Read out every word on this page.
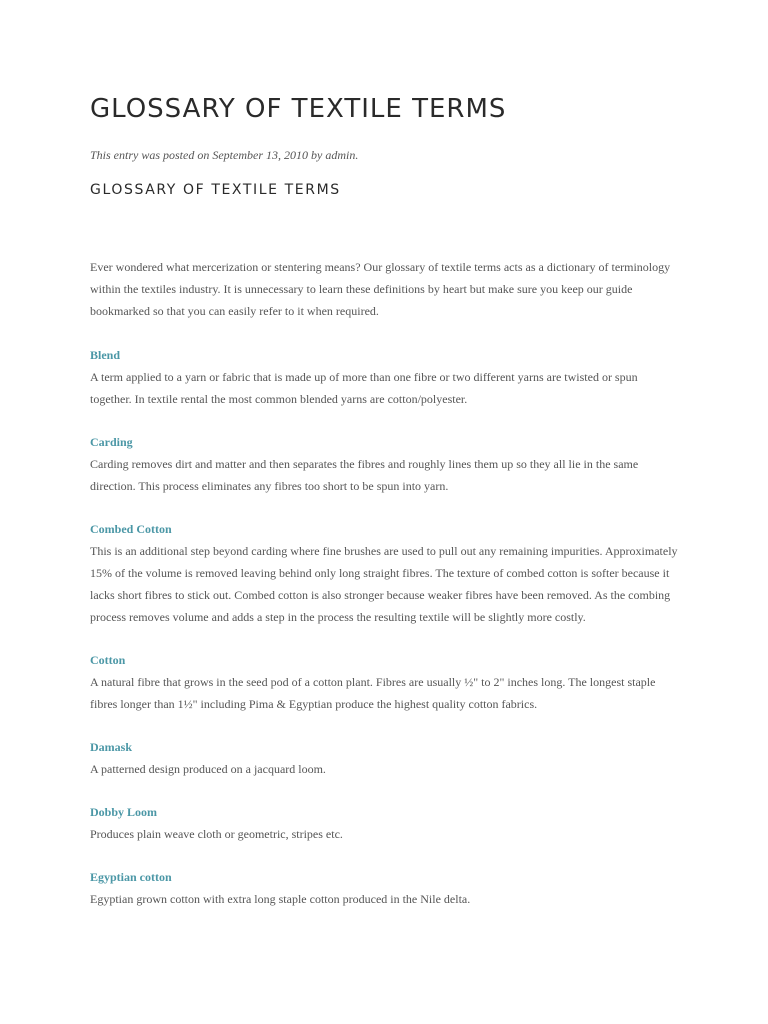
GLOSSARY OF TEXTILE TERMS

This entry was posted on September 13, 2010 by admin.

GLOSSARY OF TEXTILE TERMS

Ever wondered what mercerization or stentering means? Our glossary of textile terms acts as a dictionary of terminology within the textiles industry. It is unnecessary to learn these definitions by heart but make sure you keep our guide bookmarked so that you can easily refer to it when required.

Blend
A term applied to a yarn or fabric that is made up of more than one fibre or two different yarns are twisted or spun together. In textile rental the most common blended yarns are cotton/polyester.
Carding
Carding removes dirt and matter and then separates the fibres and roughly lines them up so they all lie in the same direction. This process eliminates any fibres too short to be spun into yarn.
Combed Cotton
This is an additional step beyond carding where fine brushes are used to pull out any remaining impurities. Approximately 15% of the volume is removed leaving behind only long straight fibres. The texture of combed cotton is softer because it lacks short fibres to stick out. Combed cotton is also stronger because weaker fibres have been removed. As the combing process removes volume and adds a step in the process the resulting textile will be slightly more costly.
Cotton
A natural fibre that grows in the seed pod of a cotton plant. Fibres are usually ½" to 2" inches long. The longest staple fibres longer than 1½" including Pima & Egyptian produce the highest quality cotton fabrics.
Damask
A patterned design produced on a jacquard loom.
Dobby Loom
Produces plain weave cloth or geometric, stripes etc.
Egyptian cotton
Egyptian grown cotton with extra long staple cotton produced in the Nile delta.
